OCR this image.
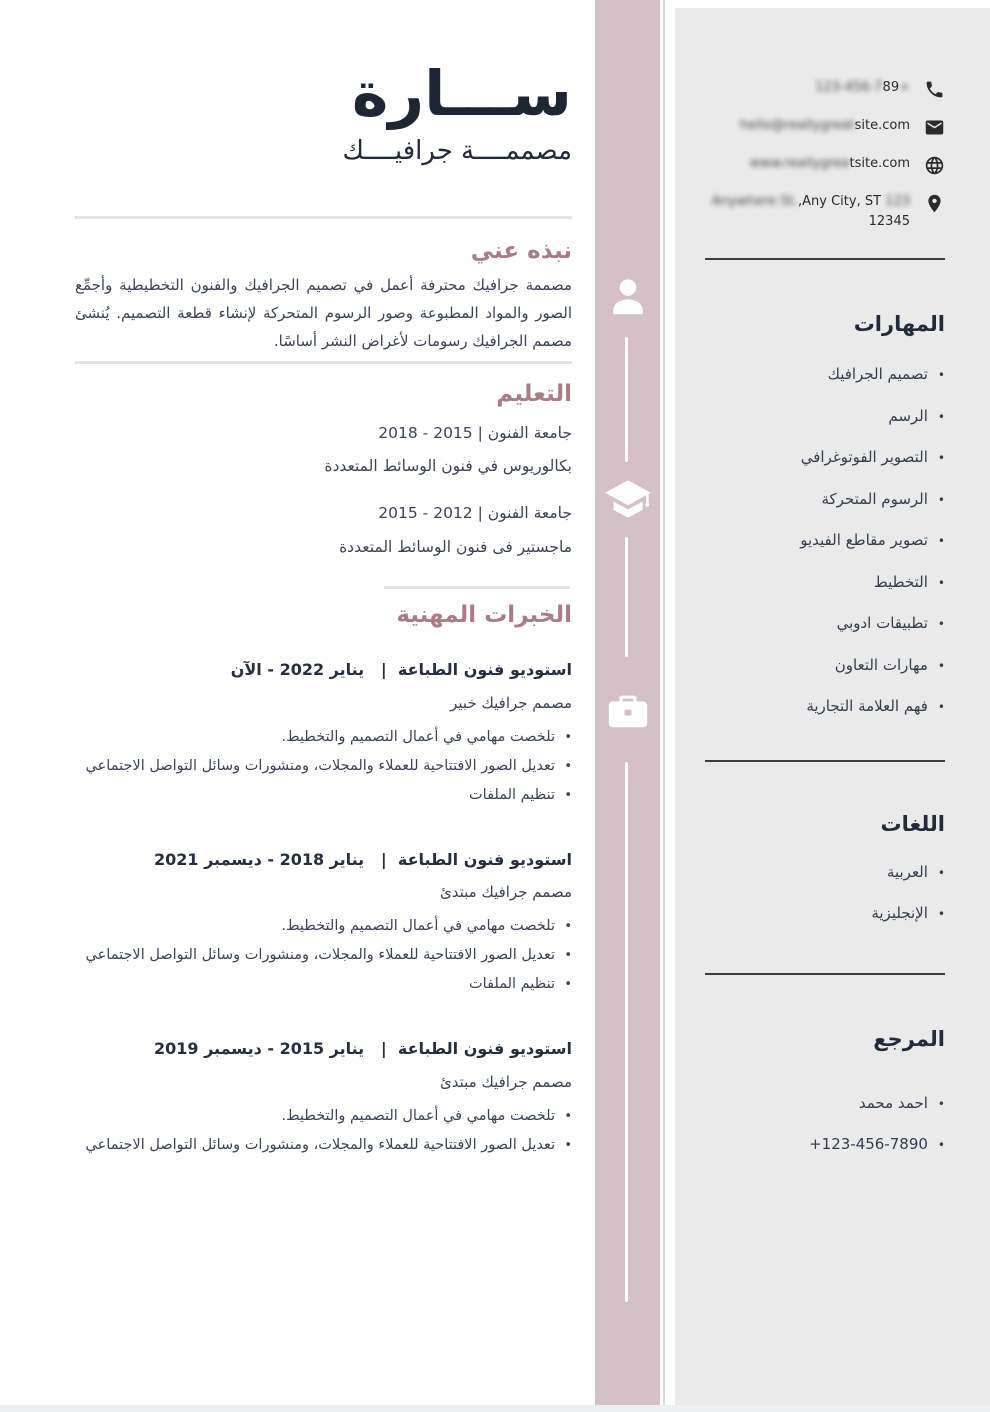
ســـارة
مصممــــة جرافيــــك
نبذه عني

مصممة جرافيك محترفة أعمل في تصميم الجرافيك والفنون التخطيطية وأجمِّع الصور والمواد المطبوعة وصور الرسوم المتحركة لإنشاء قطعة التصميم. يُنشئ مصمم الجرافيك رسومات لأغراض النشر أساسًا.

التعليم
جامعة الفنون | 2015 - 2018
بكالوريوس في فنون الوسائط المتعددة
جامعة الفنون | 2012 - 2015
ماجستير فى فنون الوسائط المتعددة
الخبرات المهنية
استوديو فنون الطباعة  |   يناير 2022 - الآن
مصمم جرافيك خبير
• تلخصت مهامي في أعمال التصميم والتخطيط.
• تعديل الصور الافتتاحية للعملاء والمجلات، ومنشورات وسائل التواصل الاجتماعي
• تنظيم الملفات
استوديو فنون الطباعة  |   يناير 2018 - ديسمبر 2021
مصمم جرافيك مبتدئ
• تلخصت مهامي في أعمال التصميم والتخطيط.
• تعديل الصور الافتتاحية للعملاء والمجلات، ومنشورات وسائل التواصل الاجتماعي
• تنظيم الملفات
استوديو فنون الطباعة  |   يناير 2015 - ديسمبر 2019
مصمم جرافيك مبتدئ
• تلخصت مهامي في أعمال التصميم والتخطيط.
• تعديل الصور الافتتاحية للعملاء والمجلات، ومنشورات وسائل التواصل الاجتماعي
+123-456-789
hello@reallygreatsite.com
www.reallygreatsite.com
123 Anywhere St.,Any City, ST
12345
المهارات
• تصميم الجرافيك
• الرسم
• التصوير الفوتوغرافي
• الرسوم المتحركة
• تصوير مقاطع الفيديو
• التخطيط
• تطبيقات ادوبي
• مهارات التعاون
• فهم العلامة التجارية
اللغات
• العربية
• الإنجليزية
المرجع
• احمد محمد
• 123-456-7890+
